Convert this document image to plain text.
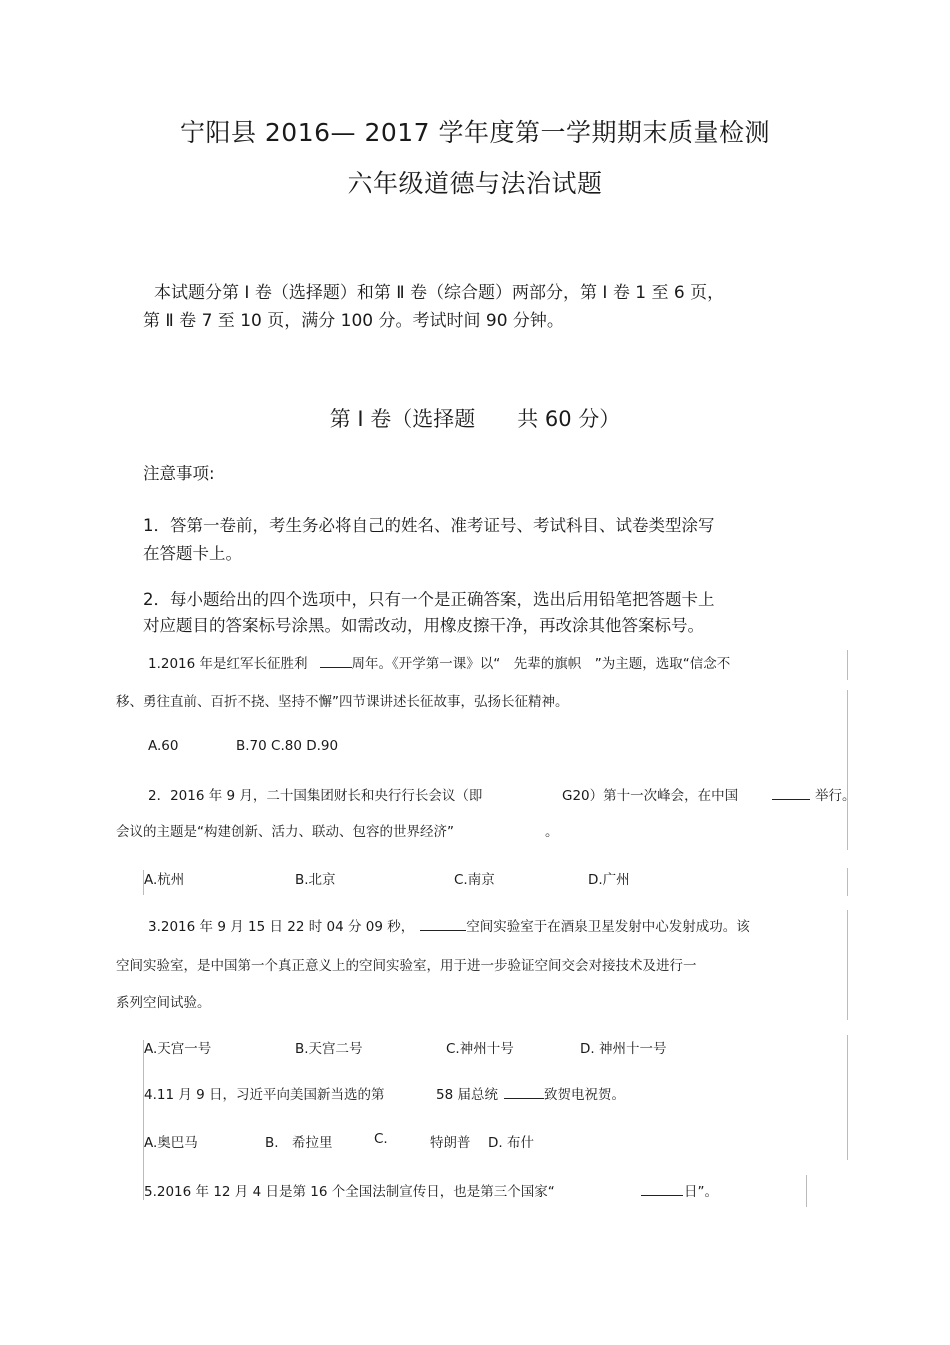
宁阳县 2016— 2017 学年度第一学期期末质量检测
六年级道德与法治试题
本试题分第 Ⅰ 卷（选择题）和第 Ⅱ 卷（综合题）两部分，第 Ⅰ 卷 1 至 6 页，
第 Ⅱ 卷 7 至 10 页，满分 100 分。考试时间 90 分钟。
第 Ⅰ 卷（选择题　　共 60 分）
注意事项:
1．答第一卷前，考生务必将自己的姓名、准考证号、考试科目、试卷类型涂写
在答题卡上。
2．每小题给出的四个选项中，只有一个是正确答案，选出后用铅笔把答题卡上
对应题目的答案标号涂黑。如需改动，用橡皮擦干净，再改涂其他答案标号。
1.2016 年是红军长征胜利	周年。《开学第一课》以“　先辈的旗帜　”为主题，选取“信念不
移、勇往直前、百折不挠、坚持不懈”四节课讲述长征故事，弘扬长征精神。
A.60	B.70 C.80 D.90
2．2016 年 9 月，二十国集团财长和央行行长会议（即	G20）第十一次峰会，在中国	举行。
会议的主题是“构建创新、活力、联动、包容的世界经济”	。
A.杭州	B.北京	C.南京	D.广州
3.2016 年 9 月 15 日 22 时 04 分 09 秒，	空间实验室于在酒泉卫星发射中心发射成功。该
空间实验室，是中国第一个真正意义上的空间实验室，用于进一步验证空间交会对接技术及进行一
系列空间试验。
A.天宫一号	B.天宫二号	C.神州十号	D. 神州十一号
4.11 月 9 日，习近平向美国新当选的第	58 届总统	致贺电祝贺。
A.奥巴马	B.　希拉里	C.	特朗普 D. 布什
5.2016 年 12 月 4 日是第 16 个全国法制宣传日，也是第三个国家“	日”。
